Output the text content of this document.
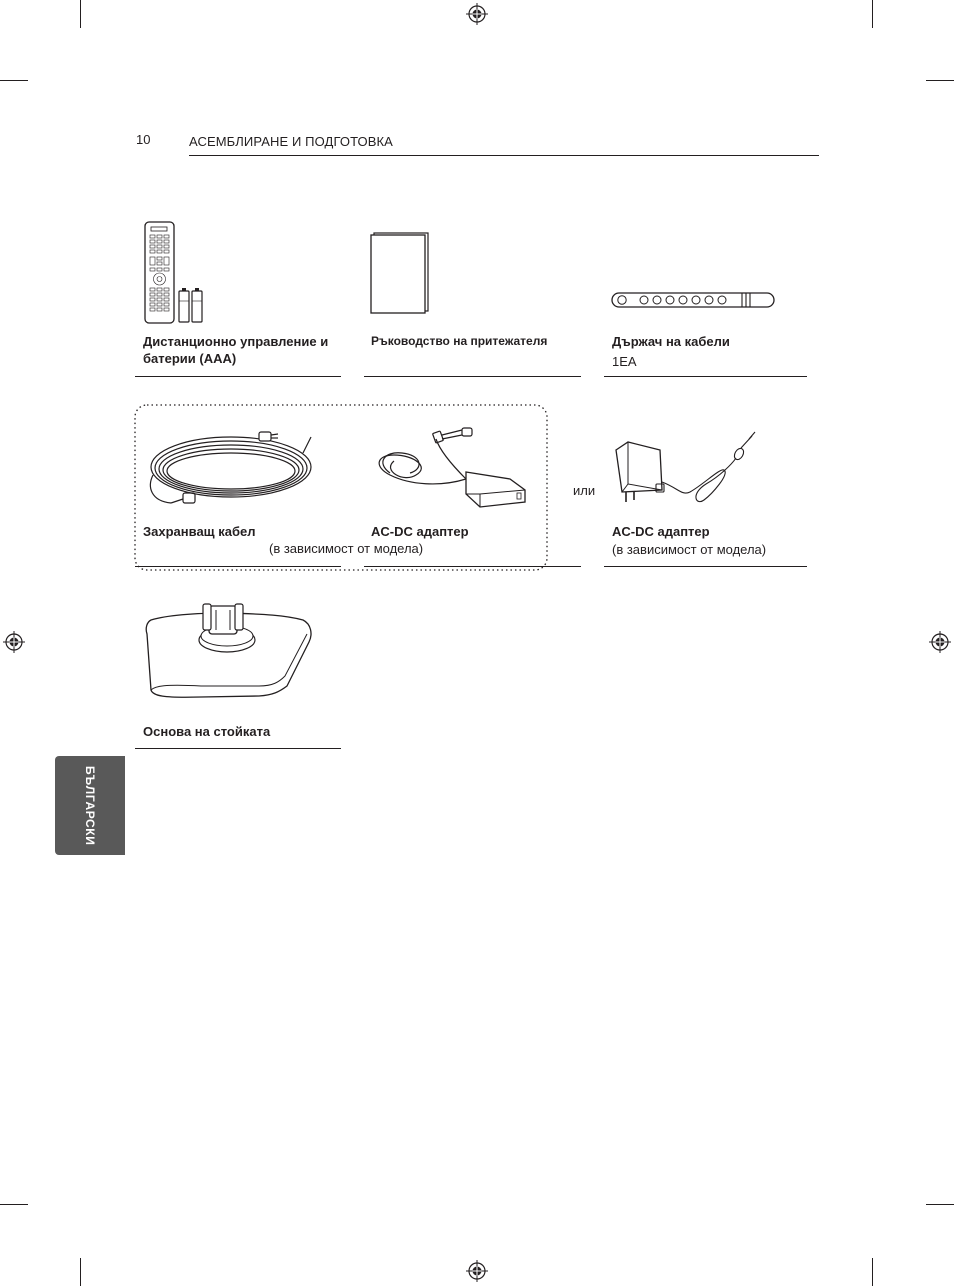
10	АСЕМБЛИРАНЕ И ПОДГОТОВКА
Дистанционно управление и
батерии (AAA)
Ръководство на притежателя	Държач на кабели
1EA
Захранващ кабел	AC-DC адаптер
(в зависимост от модела)
или
AC-DC адаптер
(в зависимост от модела)
Основа на стойката
БЪЛГАРСКИ
